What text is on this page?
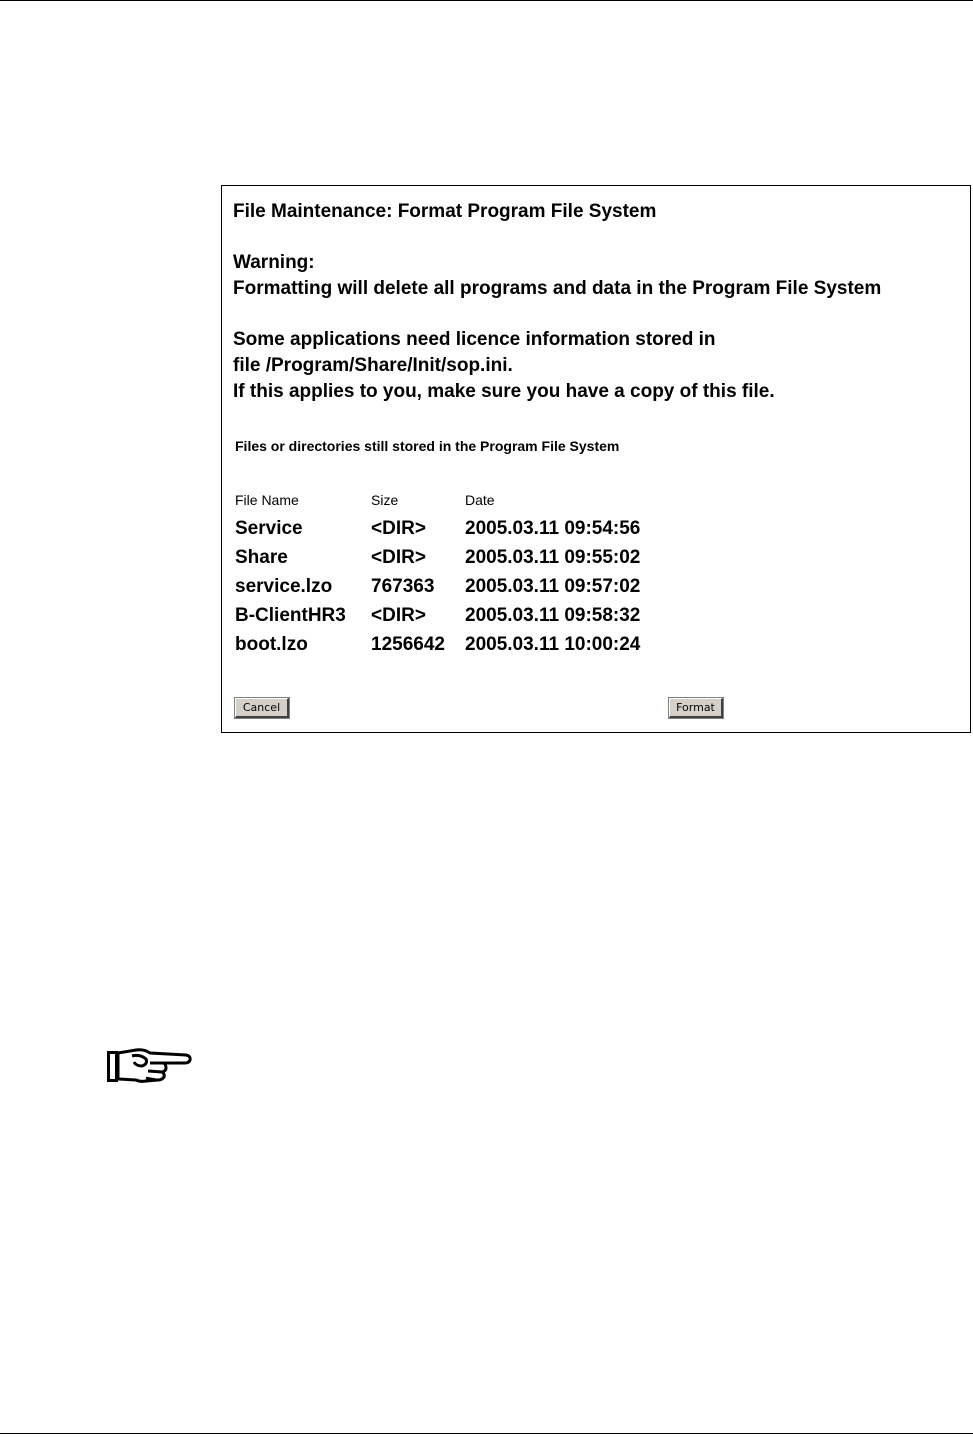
File Maintenance: Format Program File System
Warning:
Formatting will delete all programs and data in the Program File System
Some applications need licence information stored in
file /Program/Share/Init/sop.ini.
If this applies to you, make sure you have a copy of this file.
Files or directories still stored in the Program File System
File Name	Size	Date
Service	<DIR> 2005.03.11 09:54:56
Share	<DIR> 2005.03.11 09:55:02
service.lzo 767363 2005.03.11 09:57:02
B-ClientHR3 <DIR> 2005.03.11 09:58:32
boot.lzo	1256642 2005.03.11 10:00:24
Cancel	Format
